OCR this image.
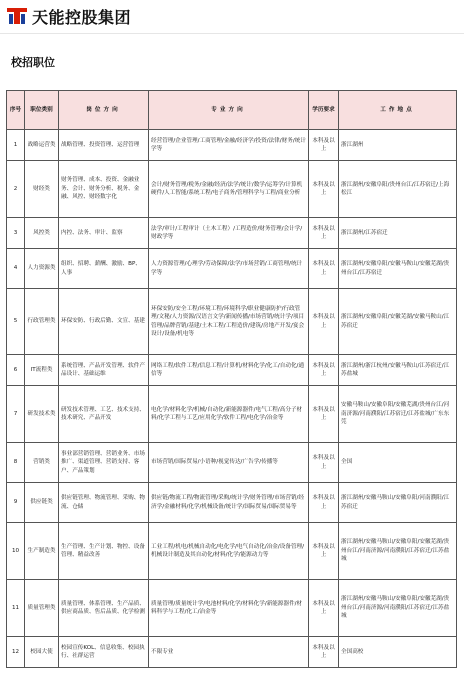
天能控股集团
校招职位
序号	职位类别	岗位方向	专业方向	学历要求	工作地点
1	战略运营类	战略管理、投资管理、运营管理	经营管理/企业管理/工商管理/金融/经济学/投资/法律/财务/统计学等	本科及以上	浙江湖州
2	财经类	财务管理、成本、投资、金融业务、会计、财务分析、税务、金融、风控、财经数字化	会计/财务管理/税务/金融/经济/法学/统计/数学/运筹学/计算机硬件/人工智能/系统工程/电子商务/管理科学与工程/商业分析	本科及以上	浙江湖州/安徽阜阳/贵州台江/江苏宿迁/上海松江
3	风控类	内控、法务、审计、监察	法学/审计/工程审计（土木工程）/工程造价/财务管理/会计学/财政学等	本科及以上	浙江湖州/江苏宿迁
4	人力资源类	组织、招聘、薪酬、激励、BP、人事	人力资源管理/心理学/劳动保障/法学/市场营销/工商管理/统计学等	本科及以上	浙江湖州/安徽阜阳/安徽马鞍山/安徽芜湖/贵州台江/江苏宿迁
5	行政管理类	环保安防、行政后勤、文宣、基建	环保安防/安全工程/环境工程/环境科学/职业健康防护/行政管理/文秘/人力资源/汉语言文学/新闻传播/市场营销/统计学/项目管理/品牌营销/基建/土木工程/工程造价/建筑/房地产开发/宴会设计/设备/机电等	本科及以上	浙江湖州/安徽阜阳/安徽芜湖/安徽马鞍山/江苏宿迁
6	IT流程类	系统管理、产品开发管理、软件产品设计、基础运维	网络工程/软件工程/信息工程/计算机/材料化学/化工/自动化/通信等	本科及以上	浙江湖州/浙江杭州/安徽马鞍山/江苏宿迁/江苏盐城
7	研发技术类	研发技术管理、工艺、技术支持、技术研究、产品开发	电化学/材料化学/机械/自动化/新能源器件/电气工程/高分子材料/化学工程与工艺/应用化学/软件工程/电化学/冶金等	本科及以上	安徽马鞍山/安徽阜阳/安徽芜湖/贵州台江/河南济源/河南濮阳/江苏宿迁/江苏盐城/广东东莞
8	营销类	事业部营销管理、营销业务、市场推广、渠道管理、营销支持、客户、产品策划	市场营销/国际贸易/小语种/视觉传达/广告学/传播等	本科及以上	全国
9	供应链类	供应链管理、物流管理、采购、物流、仓储	供应链/物流工程/物流管理/采购/统计学/财务管理/市场营销/经济学/金融材料/化学/机械设备/统计学/国际贸易/国际贸易等	本科及以上	浙江湖州/安徽马鞍山/安徽阜阳/河南濮阳/江苏宿迁
10	生产制造类	生产管理、生产计划、物控、设备管理、精益改善	工业工程/机电/机械自动化/电化学/电气自动化/冶金/设备管理/机械设计制造及其自动化/材料/化学/能源动力等	本科及以上	浙江湖州/安徽马鞍山/安徽阜阳/安徽芜湖/贵州台江/河南济源/河南濮阳/江苏宿迁/江苏盐城
11	质量管理类	质量管理、体系管理、生产品质、供应商品质、售后品质、化学检测	质量管理/质量统计学/电池材料/化学/材料化学/新能源器件/材料科学与工程/化工/冶金等	本科及以上	浙江湖州/安徽马鞍山/安徽阜阳/安徽芜湖/贵州台江/河南济源/河南濮阳/江苏宿迁/江苏盐城
12	校园大使	校园宣传KOL、信息收集、校园执行、社群运营	不限专业	本科及以上	全国高校
